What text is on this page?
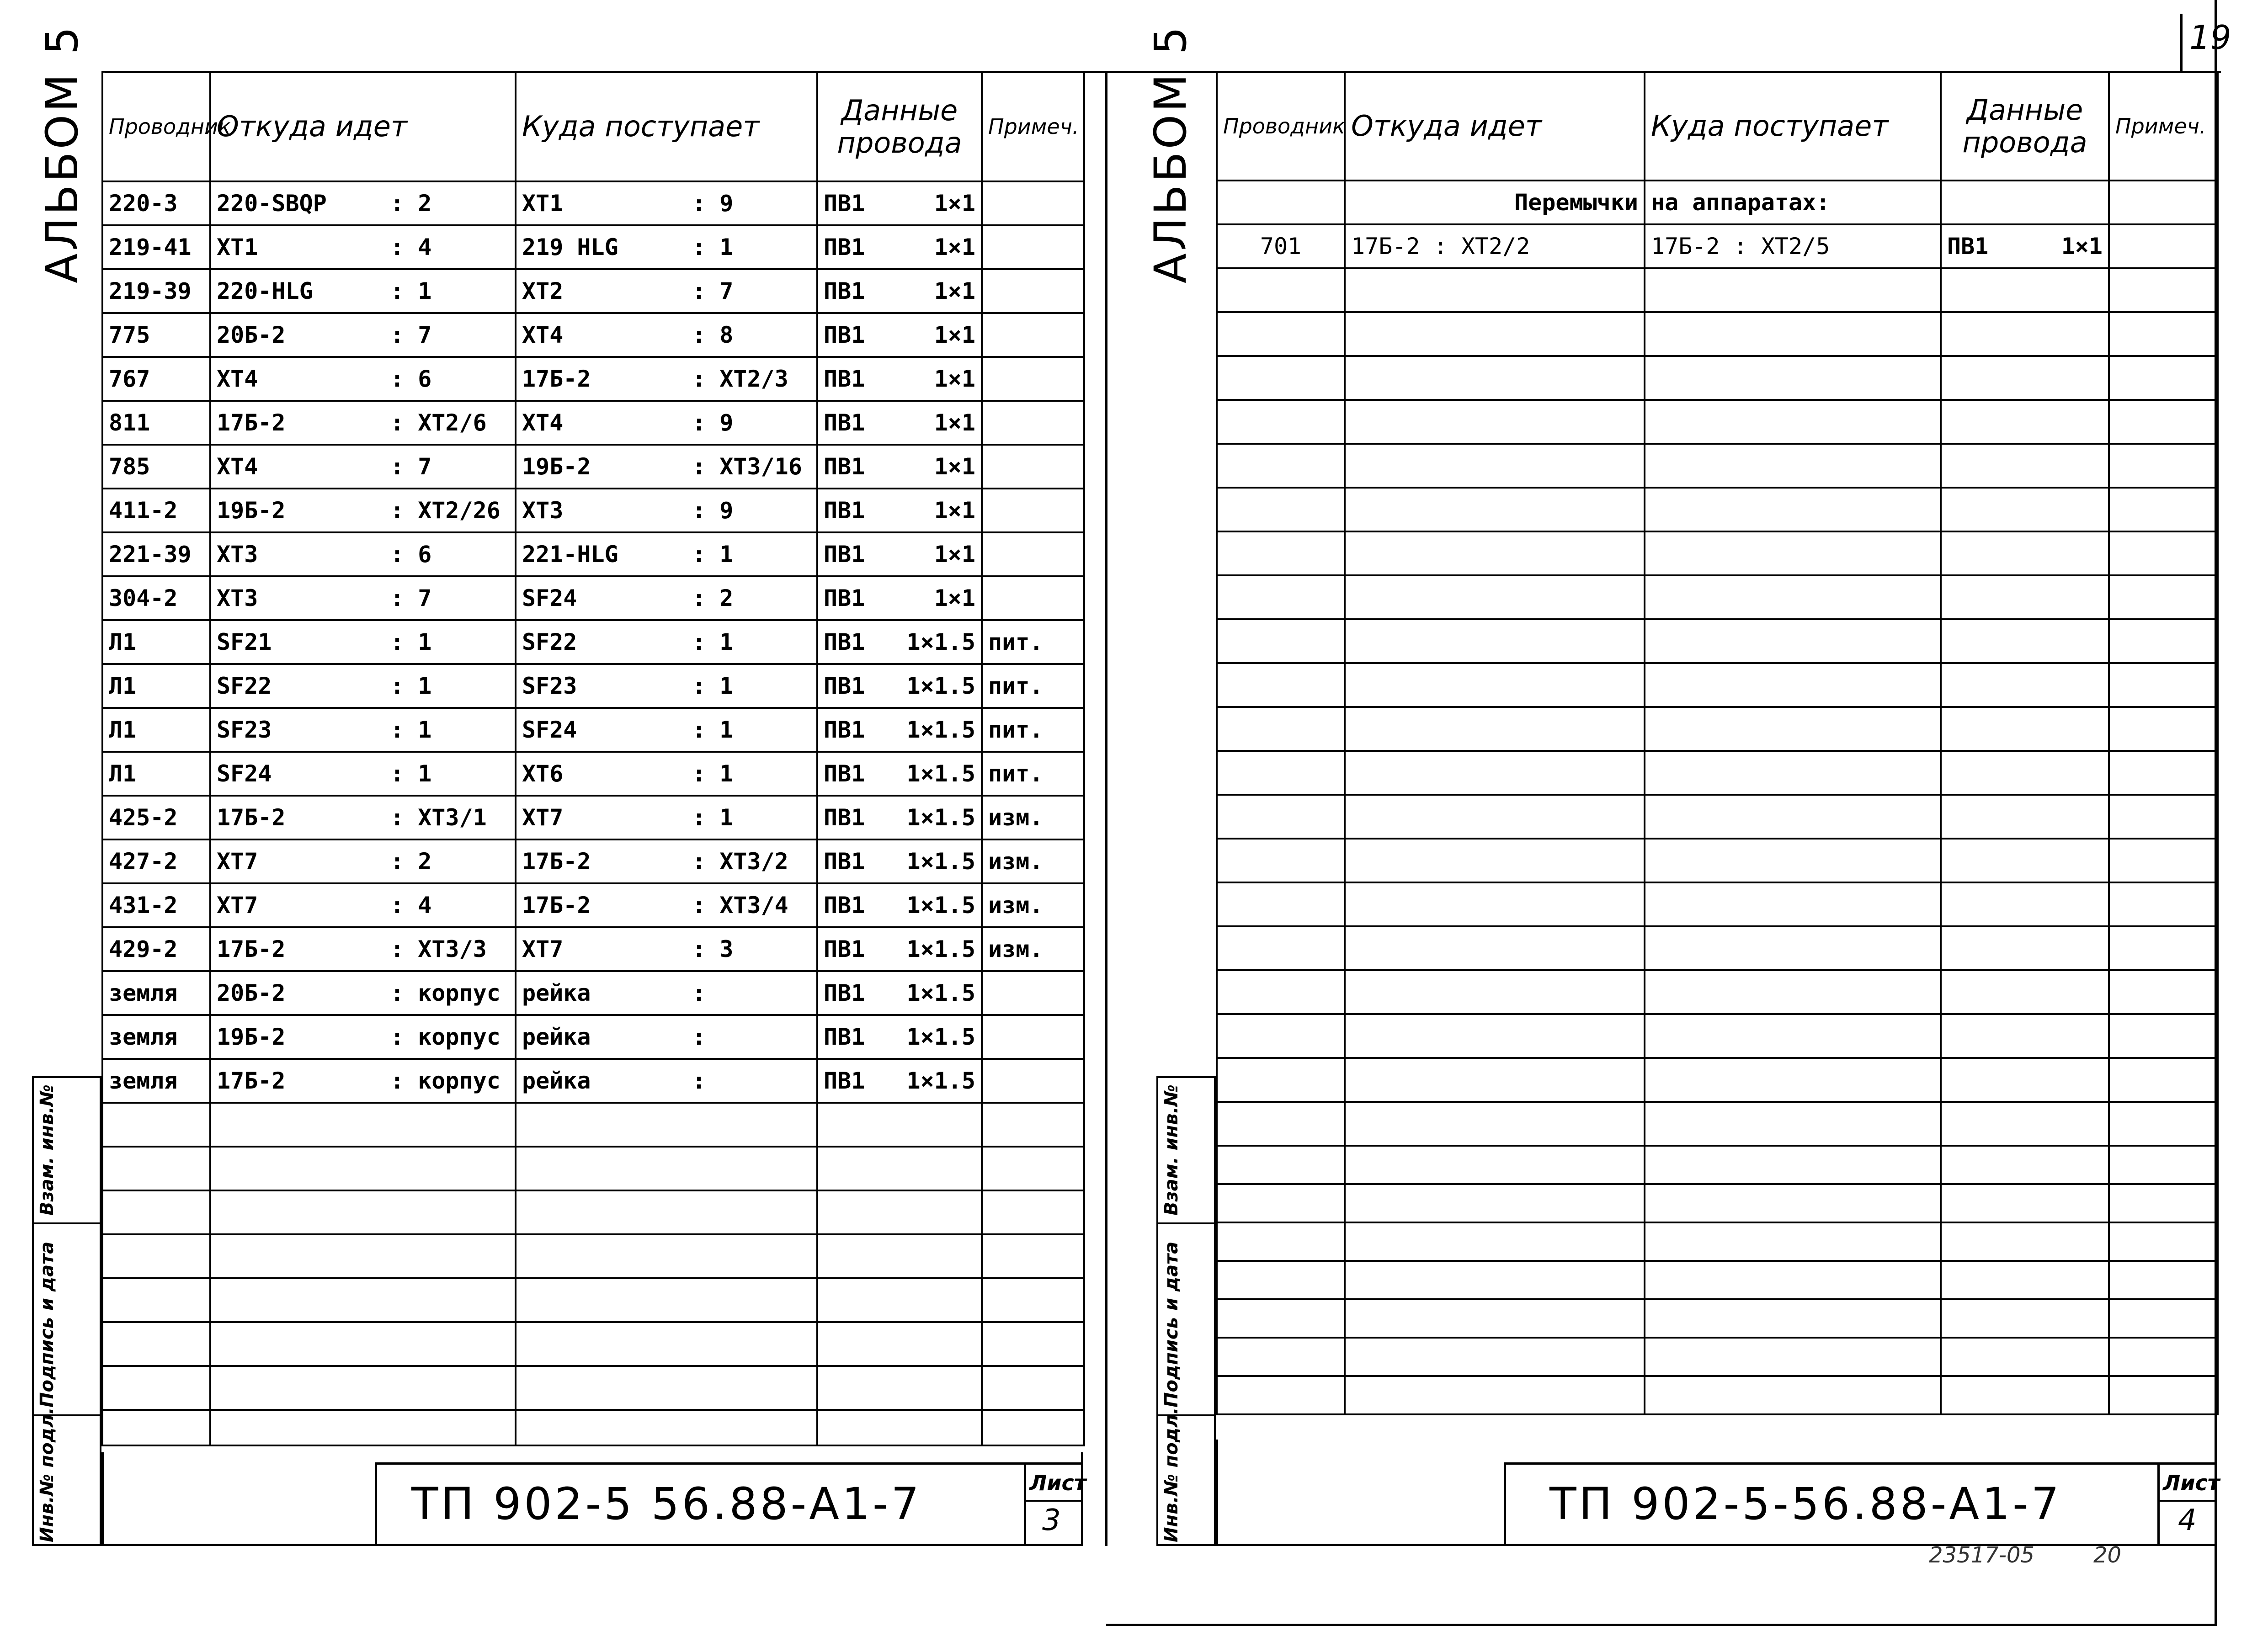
19
АЛЬБОМ 5 Проводник	Откуда идет	Куда поступает	Данные провода	Примеч.
220-3	220-SBQP : 2	XT1 : 9	ПВ1 1×1	

219-41	XT1 : 4	219 HLG : 1	ПВ1 1×1	

219-39	220-HLG : 1	XT2 : 7	ПВ1 1×1	

775	20Б-2 : 7	XT4 : 8	ПВ1 1×1	

767	XT4 : 6	17Б-2 : XT2/3	ПВ1 1×1	

811	17Б-2 : XT2/6	XT4 : 9	ПВ1 1×1	

785	XT4 : 7	19Б-2 : XT3/16	ПВ1 1×1	

411-2	19Б-2 : XT2/26	XT3 : 9	ПВ1 1×1	

221-39	XT3 : 6	221-HLG : 1	ПВ1 1×1	

304-2	XT3 : 7	SF24 : 2	ПВ1 1×1	

Л1	SF21 : 1	SF22 : 1	ПВ1 1×1.5	пит.
Л1	SF22 : 1	SF23 : 1	ПВ1 1×1.5	пит.
Л1	SF23 : 1	SF24 : 1	ПВ1 1×1.5	пит.
Л1	SF24 : 1	XT6 : 1	ПВ1 1×1.5	пит.
425-2	17Б-2 : XT3/1	XT7 : 1	ПВ1 1×1.5	изм.
427-2	XT7 : 2	17Б-2 : XT3/2	ПВ1 1×1.5	изм.
431-2	XT7 : 4	17Б-2 : XT3/4	ПВ1 1×1.5	изм.
429-2	17Б-2 : XT3/3	XT7 : 3	ПВ1 1×1.5	изм.
земля	20Б-2 : корпус	рейка :	ПВ1 1×1.5	

земля	19Б-2 : корпус	рейка :	ПВ1 1×1.5	

земля	17Б-2 : корпус	рейка :	ПВ1 1×1.5	

Взам. инв.№
Подпись и дата
Инв.№ подл.	ТП 902-5 56.88-А1-7	Лист
3
АЛЬБОМ 5 Проводник	Откуда идет	Куда поступает	Данные провода	Примеч.
	Перемычки	на аппаратах:		
701	17Б-2 : XT2/2	17Б-2 : XT2/5	ПВ1 1×1	

Взам. инв.№
Подпись и дата
Инв.№ подл.	ТП 902-5-56.88-А1-7	Лист
4
23517-05	20
